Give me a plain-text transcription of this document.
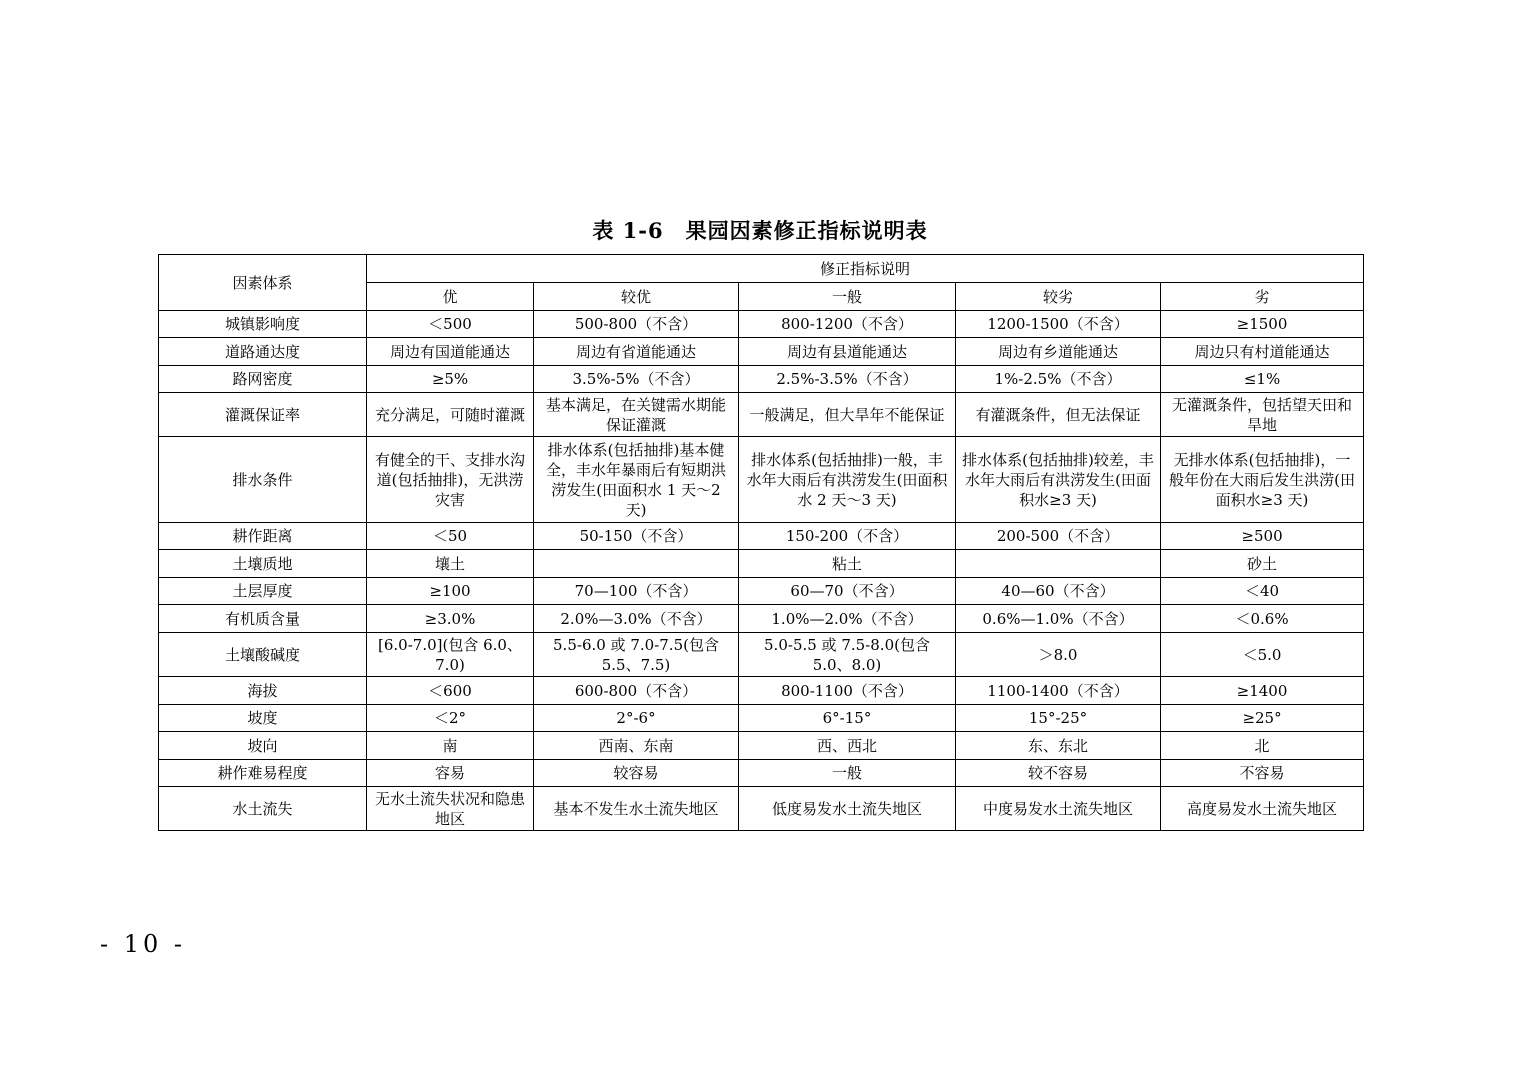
表 1-6 果园因素修正指标说明表
因素体系	修正指标说明				
	优	较优	一般	较劣	劣
城镇影响度	＜500	500-800（不含）	800-1200（不含）	1200-1500（不含）	≥1500
道路通达度	周边有国道能通达	周边有省道能通达	周边有县道能通达	周边有乡道能通达	周边只有村道能通达
路网密度	≥5%	3.5%-5%（不含）	2.5%-3.5%（不含）	1%-2.5%（不含）	≤1%
灌溉保证率	充分满足，可随时灌溉	基本满足，在关键需水期能保证灌溉	一般满足，但大旱年不能保证	有灌溉条件，但无法保证	无灌溉条件，包括望天田和旱地
排水条件	有健全的干、支排水沟道(包括抽排)，无洪涝灾害	排水体系(包括抽排)基本健全，丰水年暴雨后有短期洪涝发生(田面积水 1 天～2 天)	排水体系(包括抽排)一般，丰水年大雨后有洪涝发生(田面积水 2 天～3 天)	排水体系(包括抽排)较差，丰水年大雨后有洪涝发生(田面积水≥3 天)	无排水体系(包括抽排)，一般年份在大雨后发生洪涝(田面积水≥3 天)
耕作距离	＜50	50-150（不含）	150-200（不含）	200-500（不含）	≥500
土壤质地	壤土		粘土		砂土
土层厚度	≥100	70—100（不含）	60—70（不含）	40—60（不含）	＜40
有机质含量	≥3.0%	2.0%—3.0%（不含）	1.0%—2.0%（不含）	0.6%—1.0%（不含）	＜0.6%
土壤酸碱度	[6.0-7.0](包含 6.0、7.0)	5.5-6.0 或 7.0-7.5(包含 5.5、7.5)	5.0-5.5 或 7.5-8.0(包含 5.0、8.0)	＞8.0	＜5.0
海拔	＜600	600-800（不含）	800-1100（不含）	1100-1400（不含）	≥1400
坡度	＜2°	2°-6°	6°-15°	15°-25°	≥25°
坡向	南	西南、东南	西、西北	东、东北	北
耕作难易程度	容易	较容易	一般	较不容易	不容易
水土流失	无水土流失状况和隐患地区	基本不发生水土流失地区	低度易发水土流失地区	中度易发水土流失地区	高度易发水土流失地区
- 10 -
